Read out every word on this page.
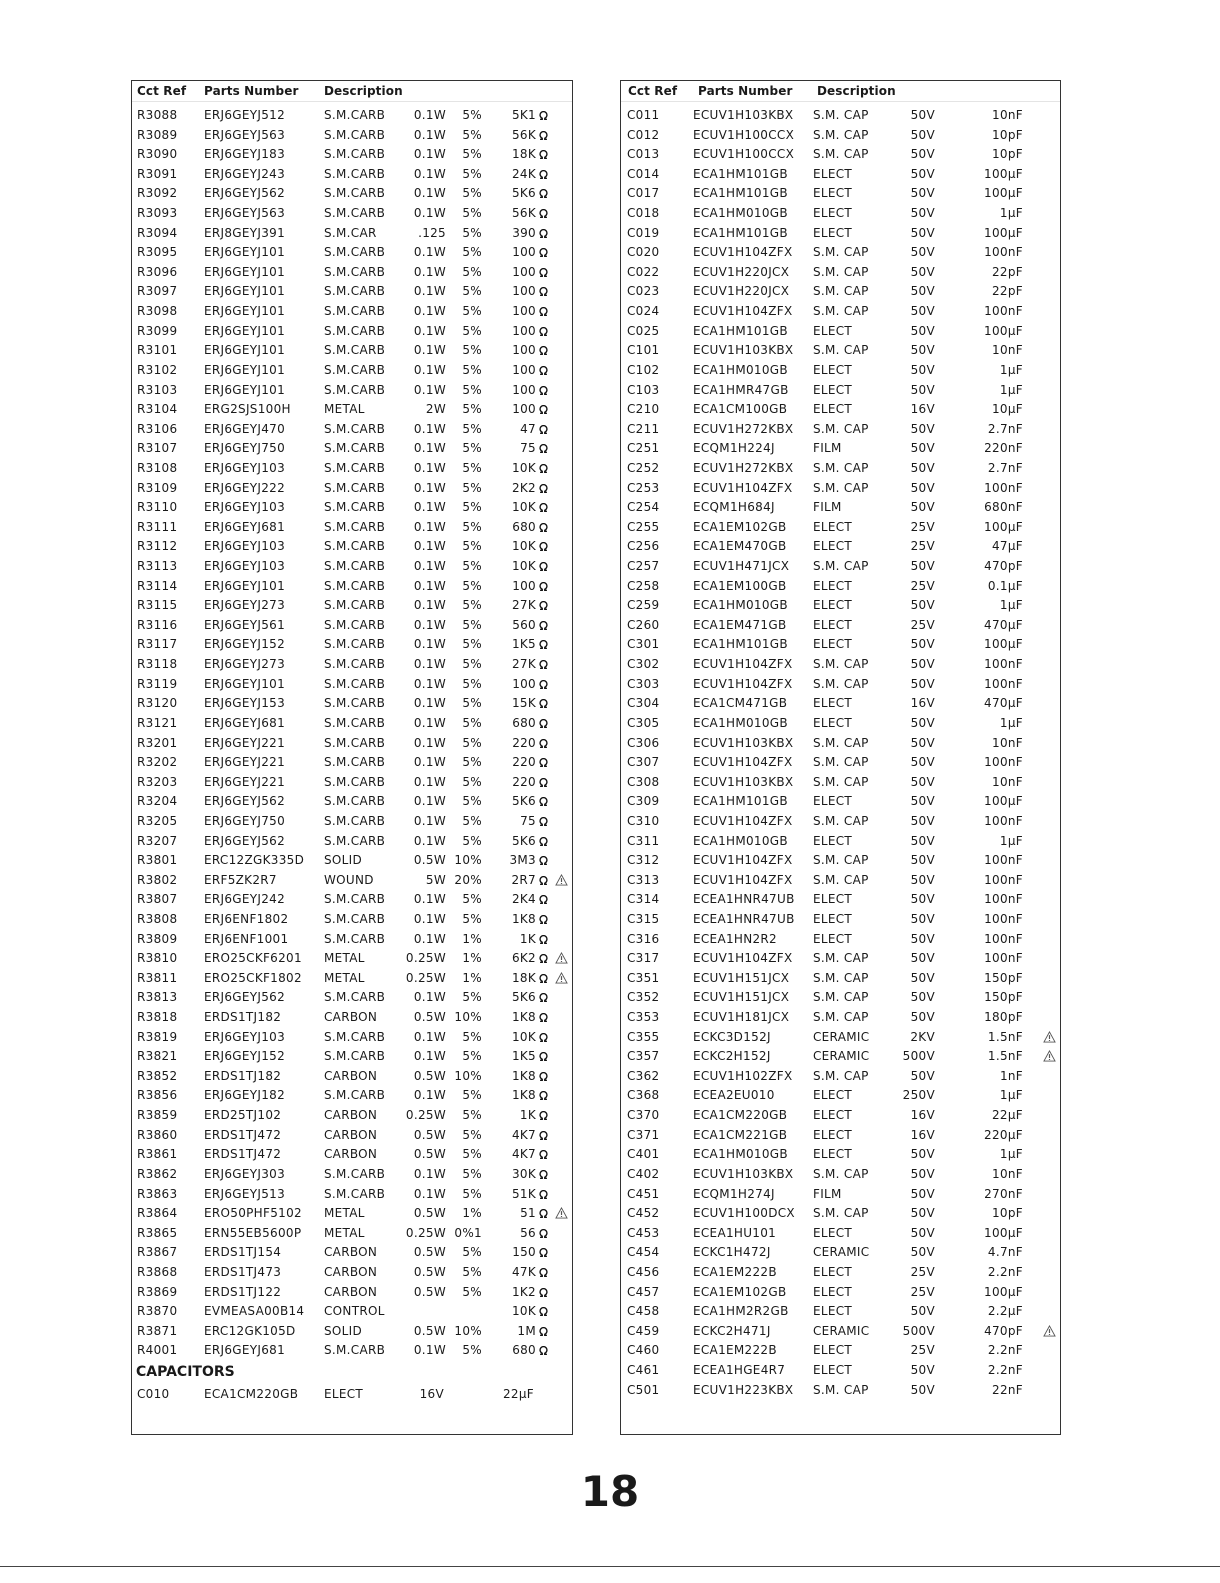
Cct Ref Parts Number Description
R3088 ERJ6GEYJ512	S.M.CARB	0.1W	5%	5K1
R3089 ERJ6GEYJ563	S.M.CARB	0.1W	5%	56K
R3090 ERJ6GEYJ183	S.M.CARB	0.1W	5%	18K
R3091 ERJ6GEYJ243	S.M.CARB	0.1W	5%	24K
R3092 ERJ6GEYJ562	S.M.CARB	0.1W	5%	5K6
R3093 ERJ6GEYJ563	S.M.CARB	0.1W	5%	56K
R3094 ERJ8GEYJ391	S.M.CAR	.125	5%	390
R3095 ERJ6GEYJ101	S.M.CARB	0.1W	5%	100
R3096 ERJ6GEYJ101	S.M.CARB	0.1W	5%	100
R3097 ERJ6GEYJ101	S.M.CARB	0.1W	5%	100
R3098 ERJ6GEYJ101	S.M.CARB	0.1W	5%	100
R3099 ERJ6GEYJ101	S.M.CARB	0.1W	5%	100
R3101 ERJ6GEYJ101	S.M.CARB	0.1W	5%	100
R3102 ERJ6GEYJ101	S.M.CARB	0.1W	5%	100
R3103 ERJ6GEYJ101	S.M.CARB	0.1W	5%	100
R3104 ERG2SJS100H	METAL	2W	5%	100
R3106 ERJ6GEYJ470	S.M.CARB	0.1W	5%	47
R3107 ERJ6GEYJ750	S.M.CARB	0.1W	5%	75
R3108 ERJ6GEYJ103	S.M.CARB	0.1W	5%	10K
R3109 ERJ6GEYJ222	S.M.CARB	0.1W	5%	2K2
R3110 ERJ6GEYJ103	S.M.CARB	0.1W	5%	10K
R3111 ERJ6GEYJ681	S.M.CARB	0.1W	5%	680
R3112 ERJ6GEYJ103	S.M.CARB	0.1W	5%	10K
R3113 ERJ6GEYJ103	S.M.CARB	0.1W	5%	10K
R3114 ERJ6GEYJ101	S.M.CARB	0.1W	5%	100
R3115 ERJ6GEYJ273	S.M.CARB	0.1W	5%	27K
R3116 ERJ6GEYJ561	S.M.CARB	0.1W	5%	560
R3117 ERJ6GEYJ152	S.M.CARB	0.1W	5%	1K5
R3118 ERJ6GEYJ273	S.M.CARB	0.1W	5%	27K
R3119 ERJ6GEYJ101	S.M.CARB	0.1W	5%	100
R3120 ERJ6GEYJ153	S.M.CARB	0.1W	5%	15K
R3121 ERJ6GEYJ681	S.M.CARB	0.1W	5%	680
R3201 ERJ6GEYJ221	S.M.CARB	0.1W	5%	220
R3202 ERJ6GEYJ221	S.M.CARB	0.1W	5%	220
R3203 ERJ6GEYJ221	S.M.CARB	0.1W	5%	220
R3204 ERJ6GEYJ562	S.M.CARB	0.1W	5%	5K6
R3205 ERJ6GEYJ750	S.M.CARB	0.1W	5%	75
R3207 ERJ6GEYJ562	S.M.CARB	0.1W	5%	5K6
R3801 ERC12ZGK335D SOLID	0.5W 10%	3M3
R3802 ERF5ZK2R7	WOUND	5W 20%	2R7
R3807 ERJ6GEYJ242	S.M.CARB	0.1W	5%	2K4
R3808 ERJ6ENF1802	S.M.CARB	0.1W	5%	1K8
R3809 ERJ6ENF1001	S.M.CARB	0.1W	1%	1K
R3810 ERO25CKF6201 METAL	0.25W	1%	6K2
R3811 ERO25CKF1802 METAL	0.25W	1%	18K
R3813 ERJ6GEYJ562	S.M.CARB	0.1W	5%	5K6
R3818 ERDS1TJ182	CARBON	0.5W 10%	1K8
R3819 ERJ6GEYJ103	S.M.CARB	0.1W	5%	10K
R3821 ERJ6GEYJ152	S.M.CARB	0.1W	5%	1K5
R3852 ERDS1TJ182	CARBON	0.5W 10%	1K8
R3856 ERJ6GEYJ182	S.M.CARB	0.1W	5%	1K8
R3859 ERD25TJ102	CARBON	0.25W	5%	1K
R3860 ERDS1TJ472	CARBON	0.5W	5%	4K7
R3861 ERDS1TJ472	CARBON	0.5W	5%	4K7
R3862 ERJ6GEYJ303	S.M.CARB	0.1W	5%	30K
R3863 ERJ6GEYJ513	S.M.CARB	0.1W	5%	51K
R3864 ERO50PHF5102 METAL	0.5W	1%	51
R3865 ERN55EB5600P METAL	0.25W 0%1	56
R3867 ERDS1TJ154	CARBON	0.5W	5%	150
R3868 ERDS1TJ473	CARBON	0.5W	5%	47K
R3869 ERDS1TJ122	CARBON	0.5W	5%	1K2
R3870 EVMEASA00B14 CONTROL	10K
R3871 ERC12GK105D SOLID	0.5W 10%	1M
R4001 ERJ6GEYJ681	S.M.CARB	0.1W	5%	680
CAPACITORS
C010	ECA1CM220GB ELECT	16V	22µF
Cct Ref Parts Number Description
C011	ECUV1H103KBX S.M. CAP	50V	10nF
C012	ECUV1H100CCX S.M. CAP	50V	10pF
C013	ECUV1H100CCX S.M. CAP	50V	10pF
C014	ECA1HM101GB ELECT	50V	100µF
C017	ECA1HM101GB ELECT	50V	100µF
C018	ECA1HM010GB ELECT	50V	1µF
C019	ECA1HM101GB ELECT	50V	100µF
C020	ECUV1H104ZFX S.M. CAP	50V	100nF
C022	ECUV1H220JCX S.M. CAP	50V	22pF
C023	ECUV1H220JCX S.M. CAP	50V	22pF
C024	ECUV1H104ZFX S.M. CAP	50V	100nF
C025	ECA1HM101GB ELECT	50V	100µF
C101	ECUV1H103KBX S.M. CAP	50V	10nF
C102	ECA1HM010GB ELECT	50V	1µF
C103	ECA1HMR47GB ELECT	50V	1µF
C210	ECA1CM100GB ELECT	16V	10µF
C211	ECUV1H272KBX S.M. CAP	50V	2.7nF
C251	ECQM1H224J	FILM	50V	220nF
C252	ECUV1H272KBX S.M. CAP	50V	2.7nF
C253	ECUV1H104ZFX S.M. CAP	50V	100nF
C254	ECQM1H684J	FILM	50V	680nF
C255	ECA1EM102GB ELECT	25V	100µF
C256	ECA1EM470GB ELECT	25V	47µF
C257	ECUV1H471JCX S.M. CAP	50V	470pF
C258	ECA1EM100GB ELECT	25V	0.1µF
C259	ECA1HM010GB ELECT	50V	1µF
C260	ECA1EM471GB ELECT	25V	470µF
C301	ECA1HM101GB ELECT	50V	100µF
C302	ECUV1H104ZFX S.M. CAP	50V	100nF
C303	ECUV1H104ZFX S.M. CAP	50V	100nF
C304	ECA1CM471GB ELECT	16V	470µF
C305	ECA1HM010GB ELECT	50V	1µF
C306	ECUV1H103KBX S.M. CAP	50V	10nF
C307	ECUV1H104ZFX S.M. CAP	50V	100nF
C308	ECUV1H103KBX S.M. CAP	50V	10nF
C309	ECA1HM101GB ELECT	50V	100µF
C310	ECUV1H104ZFX S.M. CAP	50V	100nF
C311	ECA1HM010GB ELECT	50V	1µF
C312	ECUV1H104ZFX S.M. CAP	50V	100nF
C313	ECUV1H104ZFX S.M. CAP	50V	100nF
C314	ECEA1HNR47UB ELECT	50V	100nF
C315	ECEA1HNR47UB ELECT	50V	100nF
C316	ECEA1HN2R2	ELECT	50V	100nF
C317	ECUV1H104ZFX S.M. CAP	50V	100nF
C351	ECUV1H151JCX S.M. CAP	50V	150pF
C352	ECUV1H151JCX S.M. CAP	50V	150pF
C353	ECUV1H181JCX S.M. CAP	50V	180pF
C355	ECKC3D152J	CERAMIC	2KV	1.5nF
C357	ECKC2H152J	CERAMIC	500V	1.5nF
C362	ECUV1H102ZFX S.M. CAP	50V	1nF
C368	ECEA2EU010	ELECT	250V	1µF
C370	ECA1CM220GB ELECT	16V	22µF
C371	ECA1CM221GB ELECT	16V	220µF
C401	ECA1HM010GB ELECT	50V	1µF
C402	ECUV1H103KBX S.M. CAP	50V	10nF
C451	ECQM1H274J	FILM	50V	270nF
C452	ECUV1H100DCX S.M. CAP	50V	10pF
C453	ECEA1HU101	ELECT	50V	100µF
C454	ECKC1H472J	CERAMIC	50V	4.7nF
C456	ECA1EM222B	ELECT	25V	2.2nF
C457	ECA1EM102GB ELECT	25V	100µF
C458	ECA1HM2R2GB ELECT	50V	2.2µF
C459	ECKC2H471J	CERAMIC	500V	470pF
C460	ECA1EM222B	ELECT	25V	2.2nF
C461	ECEA1HGE4R7 ELECT	50V	2.2nF
C501	ECUV1H223KBX S.M. CAP	50V	22nF
18
